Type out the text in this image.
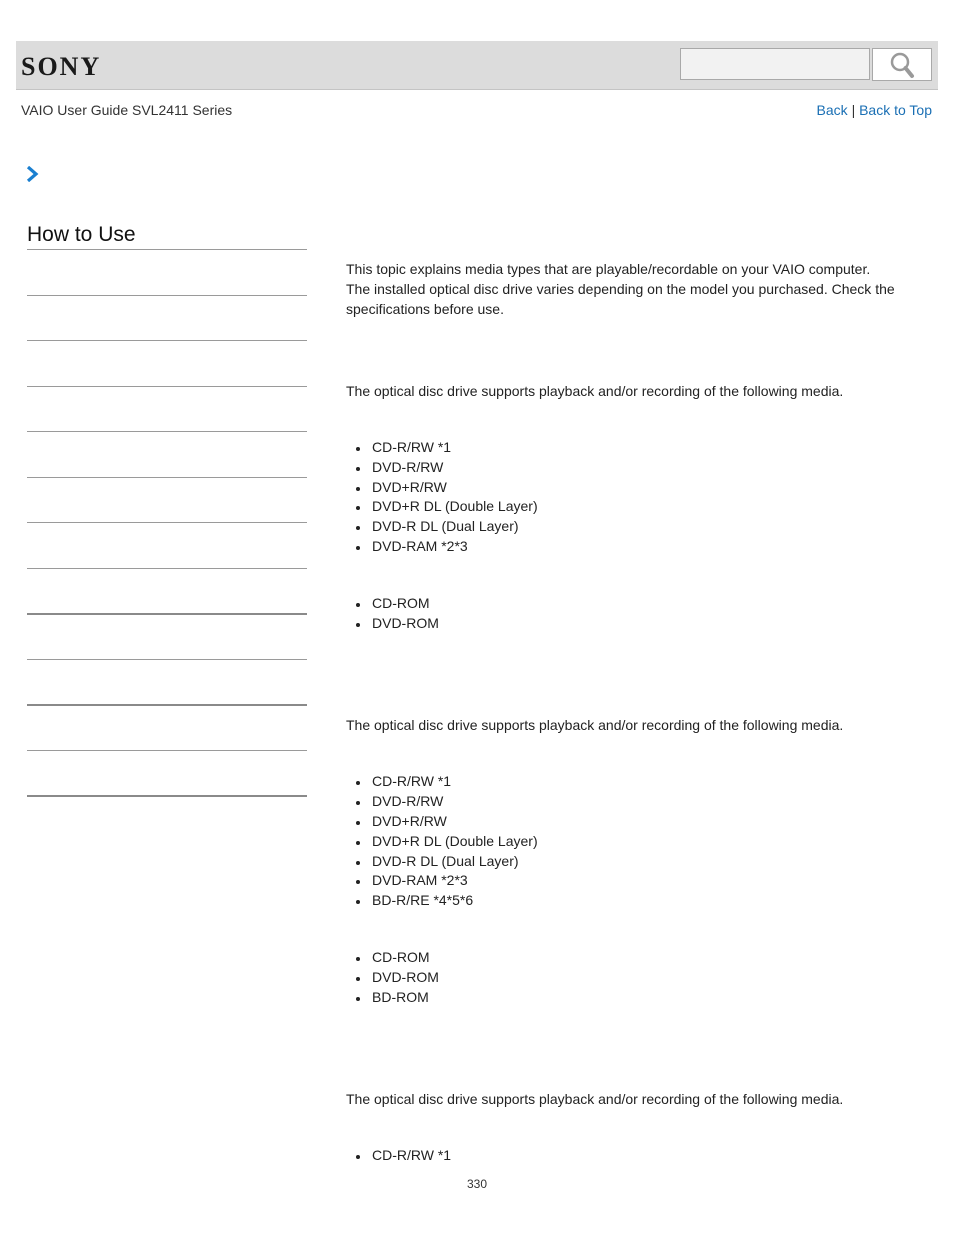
SONY
VAIO User Guide SVL2411 Series	Back | Back to Top
How to Use

This topic explains media types that are playable/recordable on your VAIO computer.

The installed optical disc drive varies depending on the model you purchased. Check the specifications before use.

The optical disc drive supports playback and/or recording of the following media.

CD-R/RW *1
DVD-R/RW
DVD+R/RW
DVD+R DL (Double Layer)
DVD-R DL (Dual Layer)
DVD-RAM *2*3
CD-ROM
DVD-ROM

The optical disc drive supports playback and/or recording of the following media.

CD-R/RW *1
DVD-R/RW
DVD+R/RW
DVD+R DL (Double Layer)
DVD-R DL (Dual Layer)
DVD-RAM *2*3
BD-R/RE *4*5*6
CD-ROM
DVD-ROM
BD-ROM

The optical disc drive supports playback and/or recording of the following media.

CD-R/RW *1
330
